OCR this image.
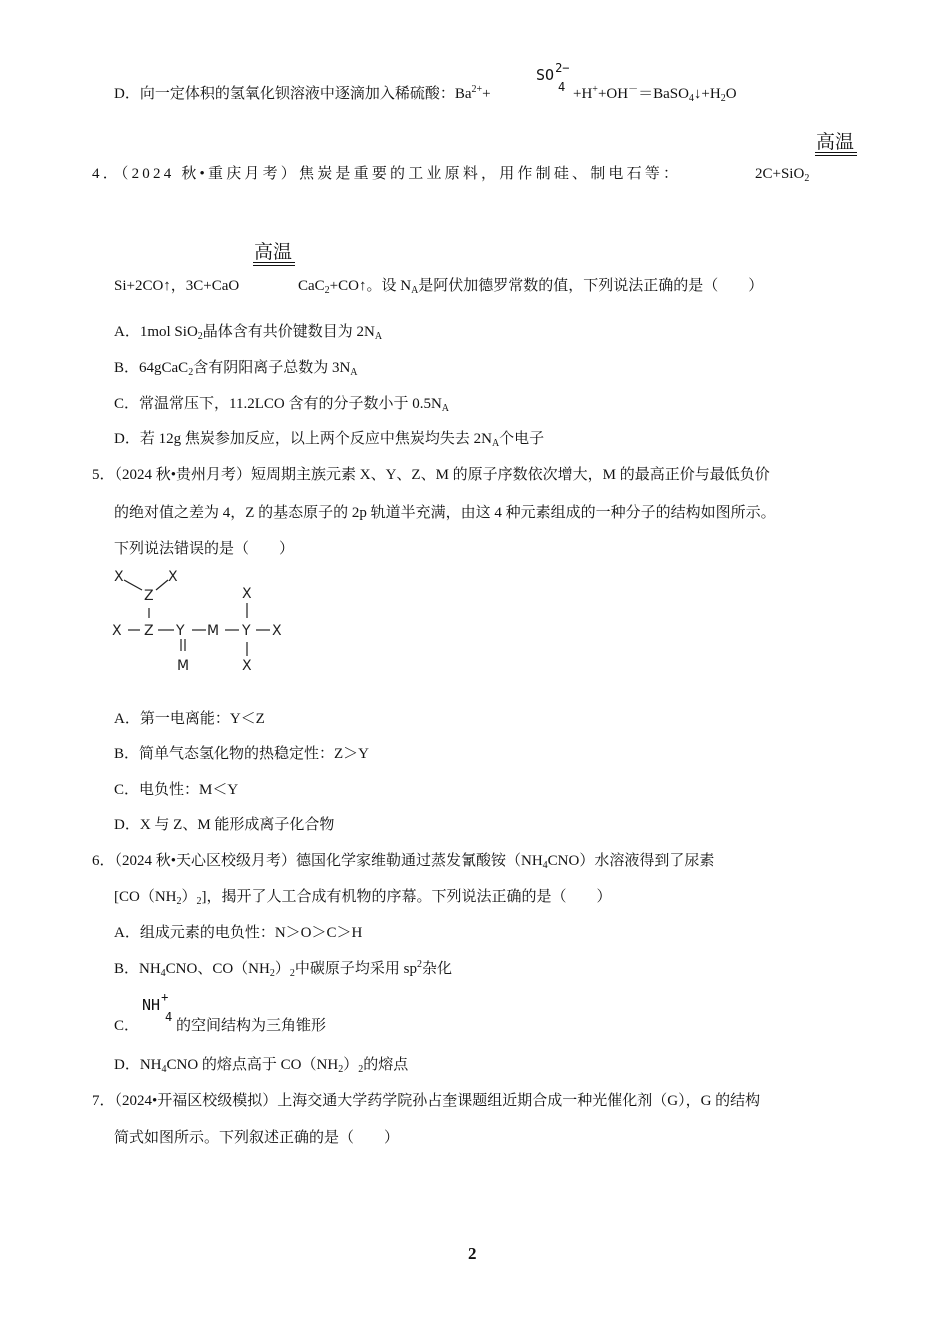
D．向一定体积的氢氧化钡溶液中逐滴加入稀硫酸：$Ba^{2+}+$
$SO^{2-}$
$4 +H^++OH^-=BaSO_4↓+H_2O$
高温
4．（2024 秋•重庆月考）焦炭是重要的工业原料，用作制硅、制电石等：	2C+SiO$_2$
高温
Si+2CO↑，3C+CaO	CaC$_2$+CO↑。设 $N_A$是阿伏加德罗常数的值，下列说法正确的是（　　）
A．1mol SiO$_2$晶体含有共价键数目为 $2N_A$
B．64gCaC$_2$含有阴阳离子总数为 $3N_A$
C．常温常压下，11.2LCO 含有的分子数小于 $0.5N_A$
D．若 12g 焦炭参加反应，以上两个反应中焦炭均失去 $2N_A$个电子
5．（2024 秋•贵州月考）短周期主族元素 X、Y、Z、M 的原子序数依次增大，M 的最高正价与最低负价
的绝对值之差为 4，Z 的基态原子的 2p 轨道半充满，由这 4 种元素组成的一种分子的结构如图所示。
下列说法错误的是（　　）
X	X
Z
X Z Y M Y X
X
M	X
A．第一电离能：Y＜Z
B．简单气态氢化物的热稳定性：Z＞Y
C．电负性：M＜Y
D．X 与 Z、M 能形成离子化合物
6．（2024 秋•天心区校级月考）德国化学家维勒通过蒸发氰酸铵$(NH_4CNO)$水溶液得到了尿素
$[CO(NH_2)_2]$，揭开了人工合成有机物的序幕。下列说法正确的是（　　）
A．组成元素的电负性：N＞O＞C＞H
B．$NH_4CNO$、$CO(NH_2)_2$中碳原子均采用 $sp^2$杂化
C．
NH+
4
的空间结构为三角锥形
D．$NH_4CNO$ 的熔点高于 $CO(NH_2)_2$的熔点
7．（2024•开福区校级模拟）上海交通大学药学院孙占奎课题组近期合成一种光催化剂（G），G 的结构
简式如图所示。下列叙述正确的是（　　）
2
